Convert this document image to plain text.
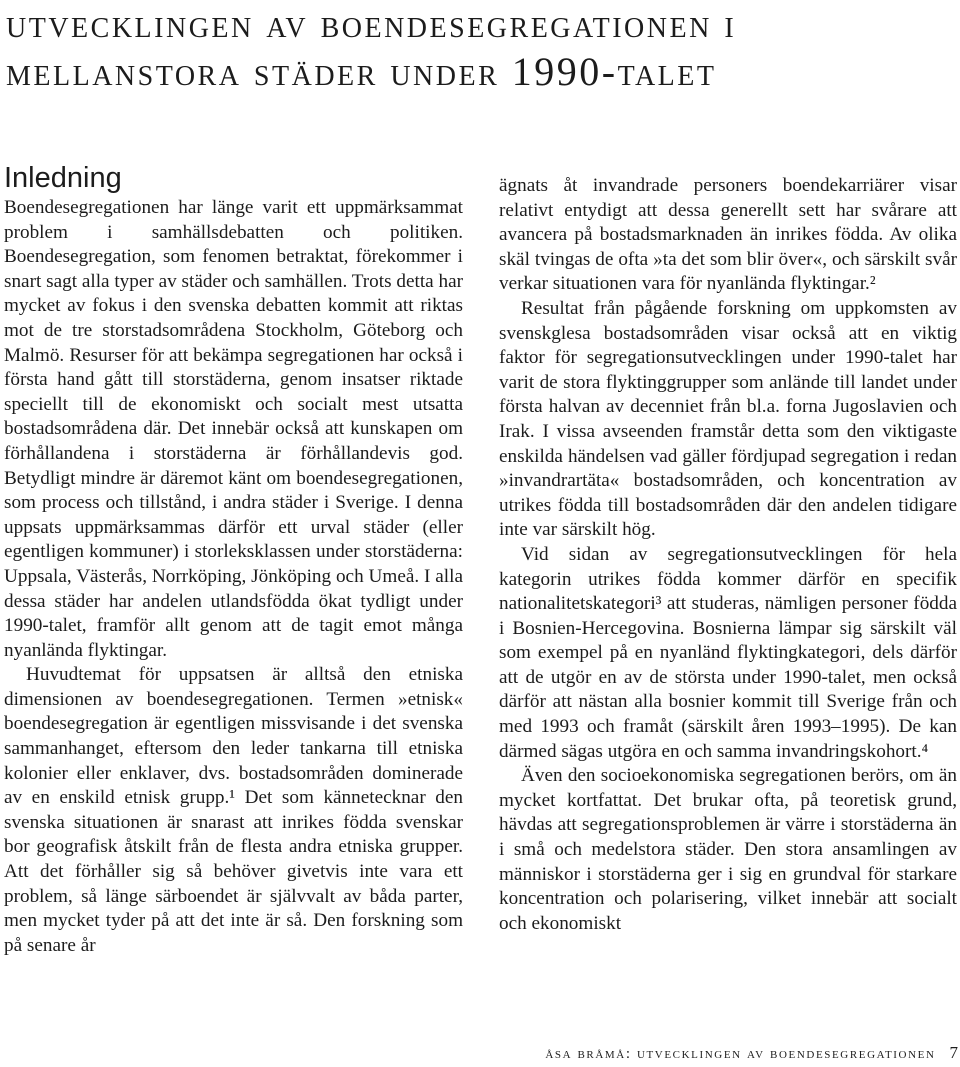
utvecklingen av boendesegregationen i mellanstora städer under 1990-talet
Inledning

Boendesegregationen har länge varit ett uppmärksammat problem i samhällsdebatten och politiken. Boendesegregation, som fenomen betraktat, förekommer i snart sagt alla typer av städer och samhällen. Trots detta har mycket av fokus i den svenska debatten kommit att riktas mot de tre storstadsområdena Stockholm, Göteborg och Malmö. Resurser för att bekämpa segregationen har också i första hand gått till storstäderna, genom insatser riktade speciellt till de ekonomiskt och socialt mest utsatta bostadsområdena där. Det innebär också att kunskapen om förhållandena i storstäderna är förhållandevis god. Betydligt mindre är däremot känt om boendesegregationen, som process och tillstånd, i andra städer i Sverige. I denna uppsats uppmärksammas därför ett urval städer (eller egentligen kommuner) i storleksklassen under storstäderna: Uppsala, Västerås, Norrköping, Jönköping och Umeå. I alla dessa städer har andelen utlandsfödda ökat tydligt under 1990-talet, framför allt genom att de tagit emot många nyanlända flyktingar.

Huvudtemat för uppsatsen är alltså den etniska dimensionen av boendesegregationen. Termen »etnisk« boendesegregation är egentligen missvisande i det svenska sammanhanget, eftersom den leder tankarna till etniska kolonier eller enklaver, dvs. bostadsområden dominerade av en enskild etnisk grupp.¹ Det som kännetecknar den svenska situationen är snarast att inrikes födda svenskar bor geografisk åtskilt från de flesta andra etniska grupper. Att det förhåller sig så behöver givetvis inte vara ett problem, så länge särboendet är självvalt av båda parter, men mycket tyder på att det inte är så. Den forskning som på senare år

ägnats åt invandrade personers boendekarriärer visar relativt entydigt att dessa generellt sett har svårare att avancera på bostadsmarknaden än inrikes födda. Av olika skäl tvingas de ofta »ta det som blir över«, och särskilt svår verkar situationen vara för nyanlända flyktingar.²

Resultat från pågående forskning om uppkomsten av svenskglesa bostadsområden visar också att en viktig faktor för segregationsutvecklingen under 1990-talet har varit de stora flyktinggrupper som anlände till landet under första halvan av decenniet från bl.a. forna Jugoslavien och Irak. I vissa avseenden framstår detta som den viktigaste enskilda händelsen vad gäller fördjupad segregation i redan »invandrartäta« bostadsområden, och koncentration av utrikes födda till bostadsområden där den andelen tidigare inte var särskilt hög.

Vid sidan av segregationsutvecklingen för hela kategorin utrikes födda kommer därför en specifik nationalitetskategori³ att studeras, nämligen personer födda i Bosnien-Hercegovina. Bosnierna lämpar sig särskilt väl som exempel på en nyanländ flyktingkategori, dels därför att de utgör en av de största under 1990-talet, men också därför att nästan alla bosnier kommit till Sverige från och med 1993 och framåt (särskilt åren 1993–1995). De kan därmed sägas utgöra en och samma invandringskohort.⁴

Även den socioekonomiska segregationen berörs, om än mycket kortfattat. Det brukar ofta, på teoretisk grund, hävdas att segregationsproblemen är värre i storstäderna än i små och medelstora städer. Den stora ansamlingen av människor i storstäderna ger i sig en grundval för starkare koncentration och polarisering, vilket innebär att socialt och ekonomiskt

åsa bråmå: utvecklingen av boendesegregationen 7
